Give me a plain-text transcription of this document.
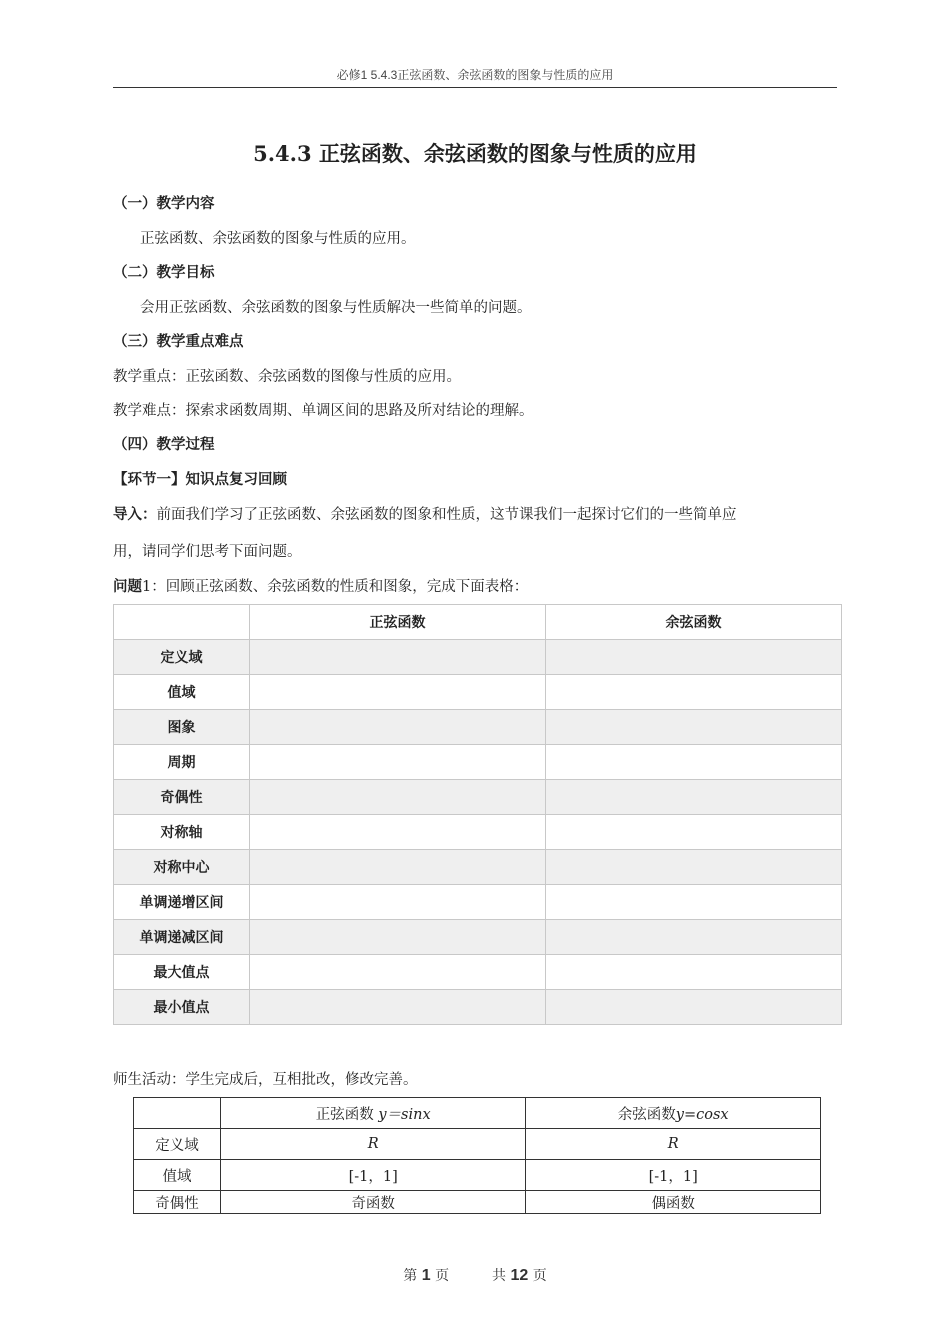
必修1 5.4.3正弦函数、余弦函数的图象与性质的应用
5.4.3 正弦函数、余弦函数的图象与性质的应用
（一）教学内容
正弦函数、余弦函数的图象与性质的应用。
（二）教学目标
会用正弦函数、余弦函数的图象与性质解决一些简单的问题。
（三）教学重点难点
教学重点：正弦函数、余弦函数的图像与性质的应用。
教学难点：探索求函数周期、单调区间的思路及所对结论的理解。
（四）教学过程
【环节一】知识点复习回顾
导入：前面我们学习了正弦函数、余弦函数的图象和性质，这节课我们一起探讨它们的一些简单应
用，请同学们思考下面问题。
问题1：回顾正弦函数、余弦函数的性质和图象，完成下面表格：
	正弦函数	余弦函数
定义域		
值域		
图象		
周期		
奇偶性		
对称轴		
对称中心		
单调递增区间		
单调递减区间		
最大值点		
最小值点		
师生活动：学生完成后，互相批改，修改完善。
	正弦函数 y＝sinx	余弦函数y=cosx
定义域	R	R
值域	[-1，1]	[-1，1]
奇偶性	奇函数	偶函数
第 1 页	共 12 页
